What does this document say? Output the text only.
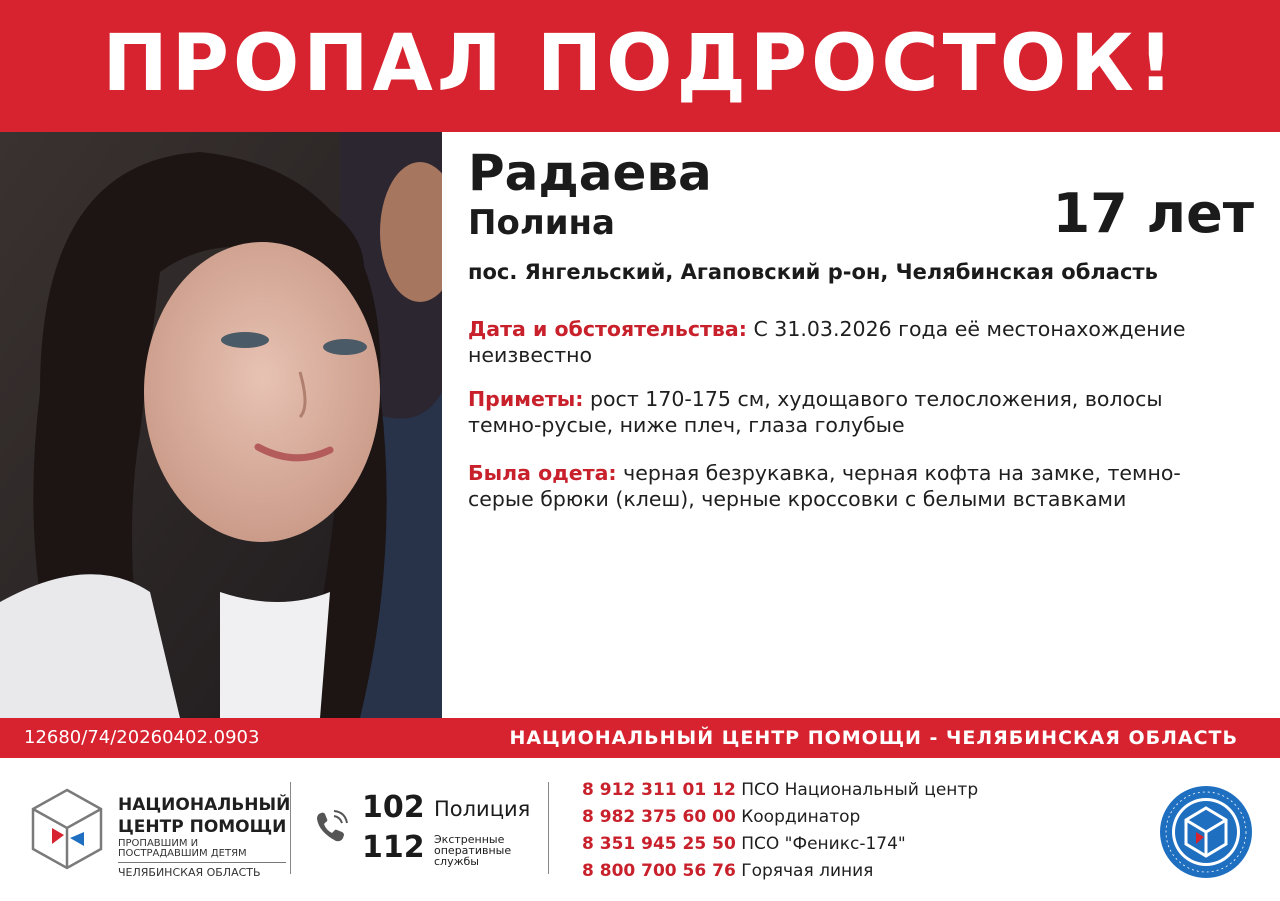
ПРОПАЛ ПОДРОСТОК!
Радаева
Полина	17 лет
пос. Янгельский, Агаповский р-он, Челябинская область
Дата и обстоятельства: С 31.03.2026 года её местонахождение неизвестно
Приметы: рост 170-175 см, худощавого телосложения, волосы темно-русые, ниже плеч, глаза голубые
Была одета: черная безрукавка, черная кофта на замке, темно-серые брюки (клеш), черные кроссовки с белыми вставками
12680/74/20260402.0903	НАЦИОНАЛЬНЫЙ ЦЕНТР ПОМОЩИ - ЧЕЛЯБИНСКАЯ ОБЛАСТЬ
НАЦИОНАЛЬНЫЙ
ЦЕНТР ПОМОЩИ
ПРОПАВШИМ И ПОСТРАДАВШИМ ДЕТЯМ
ЧЕЛЯБИНСКАЯ ОБЛАСТЬ
102 Полиция
112 Экстренные оперативные службы
8 912 311 01 12 ПСО Национальный центр
8 982 375 60 00 Координатор
8 351 945 25 50 ПСО "Феникс-174"
8 800 700 56 76 Горячая линия
